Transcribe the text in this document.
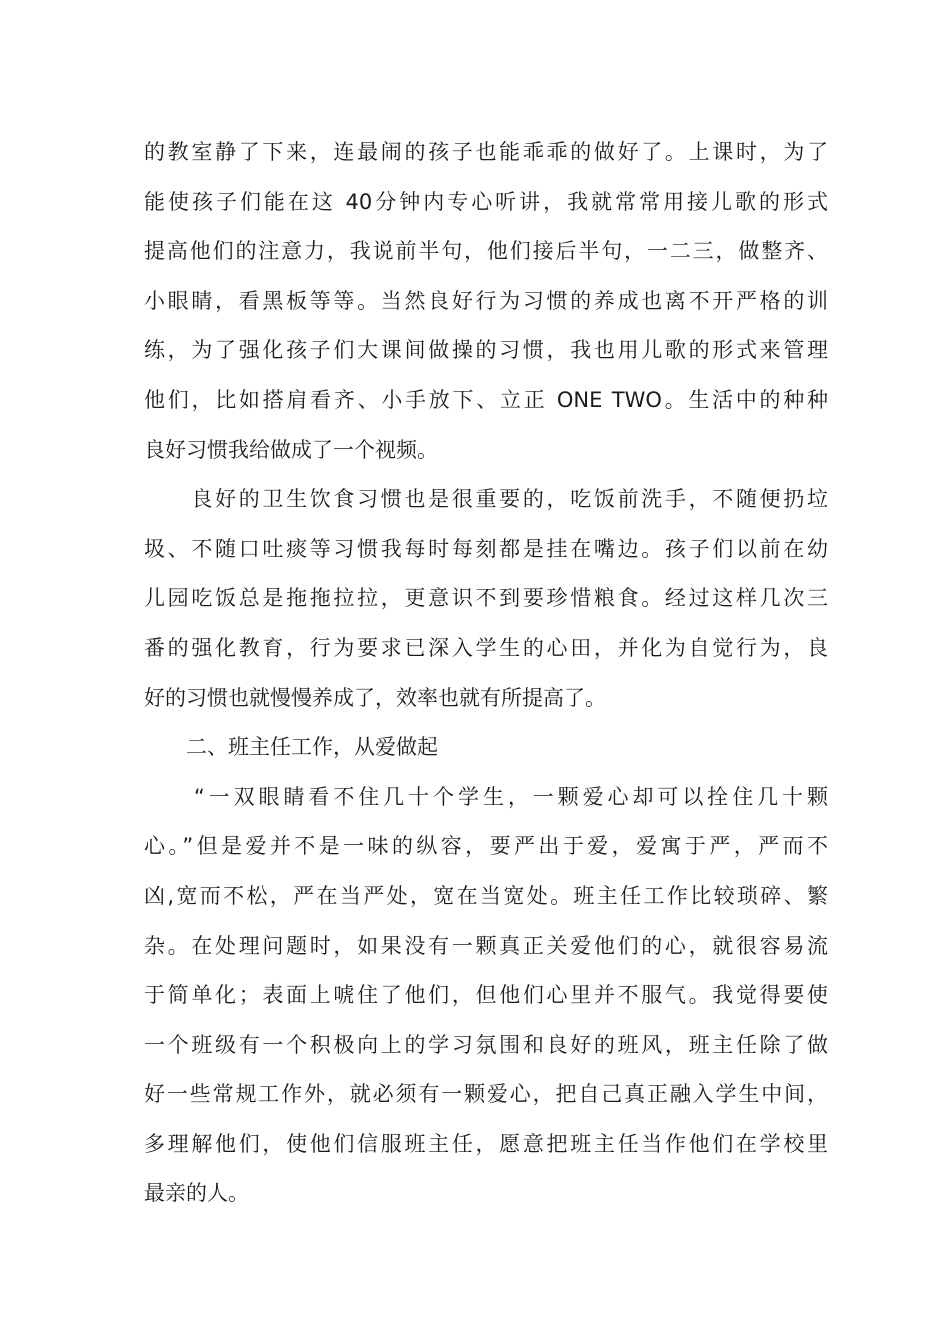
的教室静了下来，连最闹的孩子也能乖乖的做好了。上课时，为了
能使孩子们能在这 40分钟内专心听讲，我就常常用接儿歌的形式
提高他们的注意力，我说前半句，他们接后半句，一二三，做整齐、
小眼睛，看黑板等等。当然良好行为习惯的养成也离不开严格的训
练，为了强化孩子们大课间做操的习惯，我也用儿歌的形式来管理
他们，比如搭肩看齐、小手放下、立正 ONE TWO。生活中的种种
良好习惯我给做成了一个视频。
　　良好的卫生饮食习惯也是很重要的，吃饭前洗手，不随便扔垃
圾、不随口吐痰等习惯我每时每刻都是挂在嘴边。孩子们以前在幼
儿园吃饭总是拖拖拉拉，更意识不到要珍惜粮食。经过这样几次三
番的强化教育，行为要求已深入学生的心田，并化为自觉行为，良
好的习惯也就慢慢养成了，效率也就有所提高了。
　　二、班主任工作，从爱做起
　　“一双眼睛看不住几十个学生，一颗爱心却可以拴住几十颗
心。”但是爱并不是一味的纵容，要严出于爱，爱寓于严，严而不
凶,宽而不松，严在当严处，宽在当宽处。班主任工作比较琐碎、繁
杂。在处理问题时，如果没有一颗真正关爱他们的心，就很容易流
于简单化；表面上唬住了他们，但他们心里并不服气。我觉得要使
一个班级有一个积极向上的学习氛围和良好的班风，班主任除了做
好一些常规工作外，就必须有一颗爱心，把自己真正融入学生中间，
多理解他们，使他们信服班主任，愿意把班主任当作他们在学校里
最亲的人。
